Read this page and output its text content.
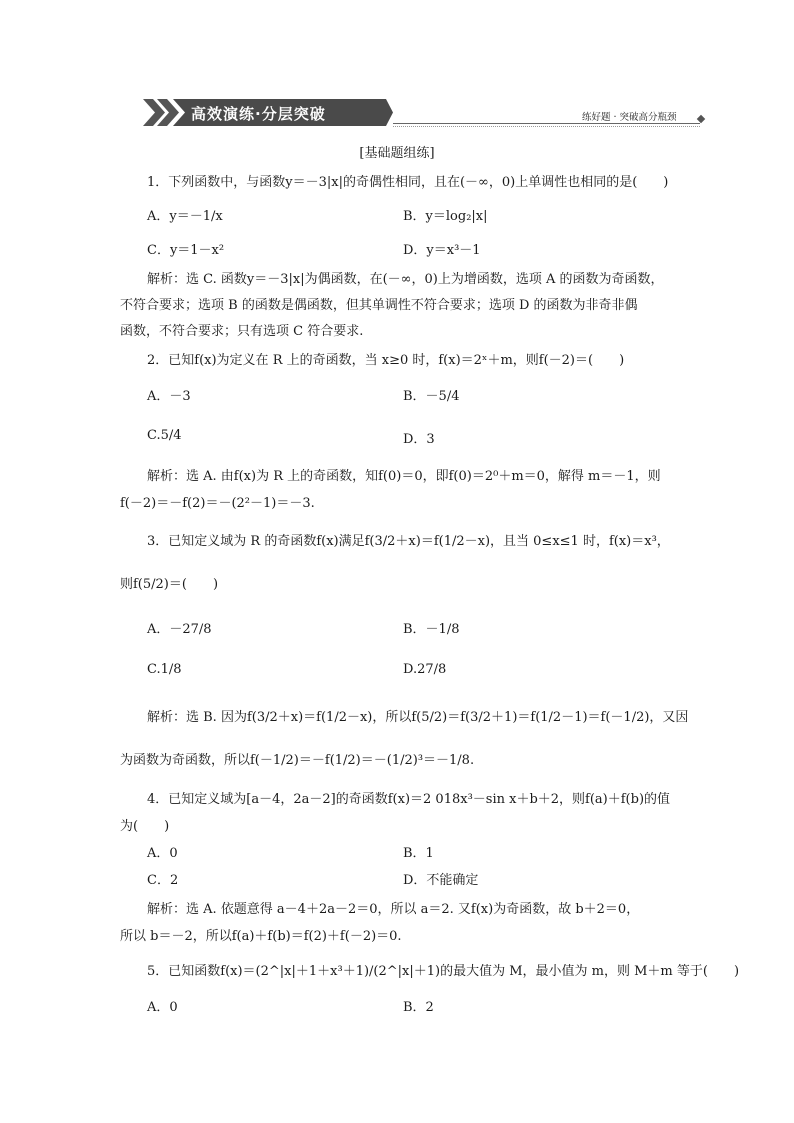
高效演练·分层突破	练好题 · 突破高分瓶颈
[基础题组练]
1．下列函数中，与函数y＝－3|x|的奇偶性相同，且在(－∞，0)上单调性也相同的是(　　)
A．y＝－1/x	B．y＝log₂|x|
C．y＝1－x²	D．y＝x³－1
解析：选 C. 函数y＝－3|x|为偶函数，在(－∞，0)上为增函数，选项 A 的函数为奇函数，
不符合要求；选项 B 的函数是偶函数，但其单调性不符合要求；选项 D 的函数为非奇非偶
函数，不符合要求；只有选项 C 符合要求.
2．已知f(x)为定义在 R 上的奇函数，当 x≥0 时，f(x)＝2ˣ＋m，则f(－2)＝(　　)
A．－3	B．－5/4
C.5/4	D．3
解析：选 A. 由f(x)为 R 上的奇函数，知f(0)＝0，即f(0)＝2⁰＋m＝0，解得 m＝－1，则
f(－2)＝－f(2)＝－(2²－1)＝－3.
3．已知定义域为 R 的奇函数f(x)满足f(3/2＋x)＝f(1/2－x)，且当 0≤x≤1 时，f(x)＝x³，
则f(5/2)＝(　　)
A．－27/8	B．－1/8
C.1/8	D.27/8
解析：选 B. 因为f(3/2＋x)＝f(1/2－x)，所以f(5/2)＝f(3/2＋1)＝f(1/2－1)＝f(－1/2)，又因
为函数为奇函数，所以f(－1/2)＝－f(1/2)＝－(1/2)³＝－1/8.
4．已知定义域为[a－4，2a－2]的奇函数f(x)＝2 018x³－sin x＋b＋2，则f(a)＋f(b)的值
为(　　)
A．0	B．1
C．2	D．不能确定
解析：选 A. 依题意得 a－4＋2a－2＝0，所以 a＝2. 又f(x)为奇函数，故 b＋2＝0，
所以 b＝－2，所以f(a)＋f(b)＝f(2)＋f(－2)＝0.
5．已知函数f(x)＝(2^|x|＋1＋x³＋1)/(2^|x|＋1)的最大值为 M，最小值为 m，则 M＋m 等于(　　)
A．0	B．2
